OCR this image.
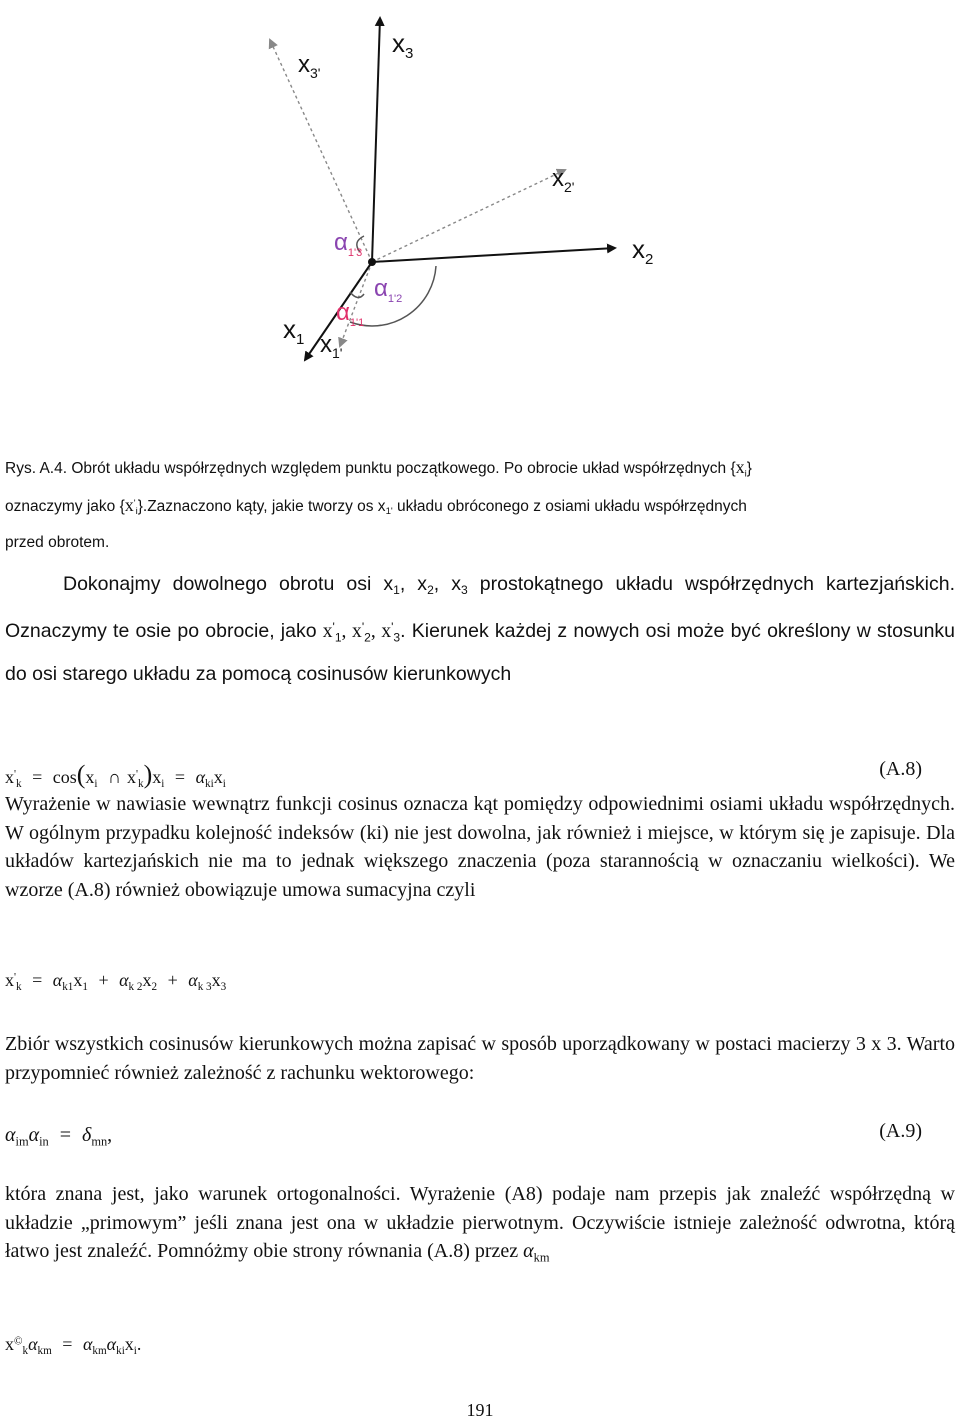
$x_3$
$x_{3'}$
$x_{2'}$
$x_2$
$x_1$ $x_{1'}$
$\alpha_{1'3}$
$\alpha_{1'2}$
$\alpha_{1'1}$
Rys. A.4. Obrót układu współrzędnych względem punktu początkowego. Po obrocie układ współrzędnych $\{x_i\}$
oznaczymy jako $\{x'_i\}.Zaznaczono$ kąty, jakie tworzy os $x_{1'}$ układu obróconego z osiami układu współrzędnych
przed obrotem.

Dokonajmy dowolnego obrotu osi $x_1$, $x_2$, $x_3$ prostokątnego układu współrzędnych kartezjańskich. Oznaczymy te osie po obrocie, jako $x'_1$, $x'_2$, $x'_3$. Kierunek każdej z nowych osi może być określony w stosunku do osi starego układu za pomocą cosinusów kierunkowych

$x'_k = \cos(x_i$ ∩ $x'_k)x_i = \alpha_{ki}x_i$
(A.8)

Wyrażenie w nawiasie wewnątrz funkcji cosinus oznacza kąt pomiędzy odpowiednimi osiami układu współrzędnych. W ogólnym przypadku kolejność indeksów (ki) nie jest dowolna, jak również i miejsce, w którym się je zapisuje. Dla układów kartezjańskich nie ma to jednak większego znaczenia (poza starannością w oznaczaniu wielkości). We wzorze (A.8) również obowiązuje umowa sumacyjna czyli

$x'_k = \alpha_{k1}x_1 + \alpha_{k 2}x_2 + \alpha_{k 3}x_3$

Zbiór wszystkich cosinusów kierunkowych można zapisać w sposób uporządkowany w postaci macierzy 3 x 3. Warto przypomnieć również zależność z rachunku wektorowego:

$\alpha_{im}\alpha_{in} = \delta_{mn}$,	(A.9)

która znana jest, jako warunek ortogonalności. Wyrażenie (A8) podaje nam przepis jak znaleźć współrzędną w układzie „primowym” jeśli znana jest ona w układzie pierwotnym. Oczywiście istnieje zależność odwrotna, którą łatwo jest znaleźć. Pomnóżmy obie strony równania (A.8) przez $\alpha_{km}$

$x©_k\alpha_{km} = \alpha_{km}\alpha_{ki}x_i$.
191
